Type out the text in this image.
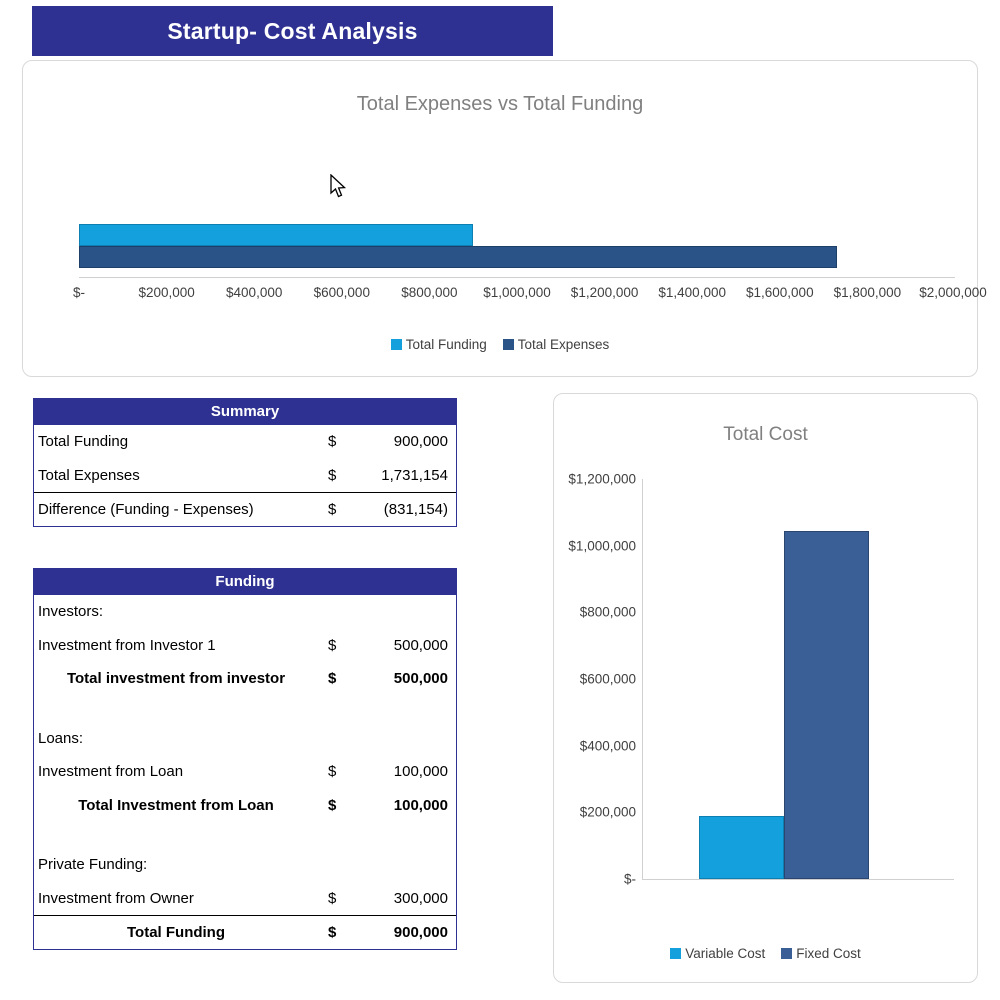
Startup- Cost Analysis
Total Expenses vs Total Funding
$-	$200,000 $400,000 $600,000 $800,000 $1,000,000 $1,200,000 $1,400,000 $1,600,000 $1,800,000 $2,000,000
Total Funding Total Expenses
Summary
Total Funding	$	900,000
Total Expenses	$	1,731,154
Difference (Funding - Expenses)	$	(831,154)
Funding
Investors:
Investment from Investor 1	$	500,000
Total investment from investor	$	500,000
Loans:
Investment from Loan	$	100,000
Total Investment from Loan	$	100,000
Private Funding:
Investment from Owner	$	300,000
Total Funding	$	900,000
Total Cost
$1,200,000
$1,000,000
$800,000
$600,000
$400,000
$200,000
$-
Variable Cost Fixed Cost
